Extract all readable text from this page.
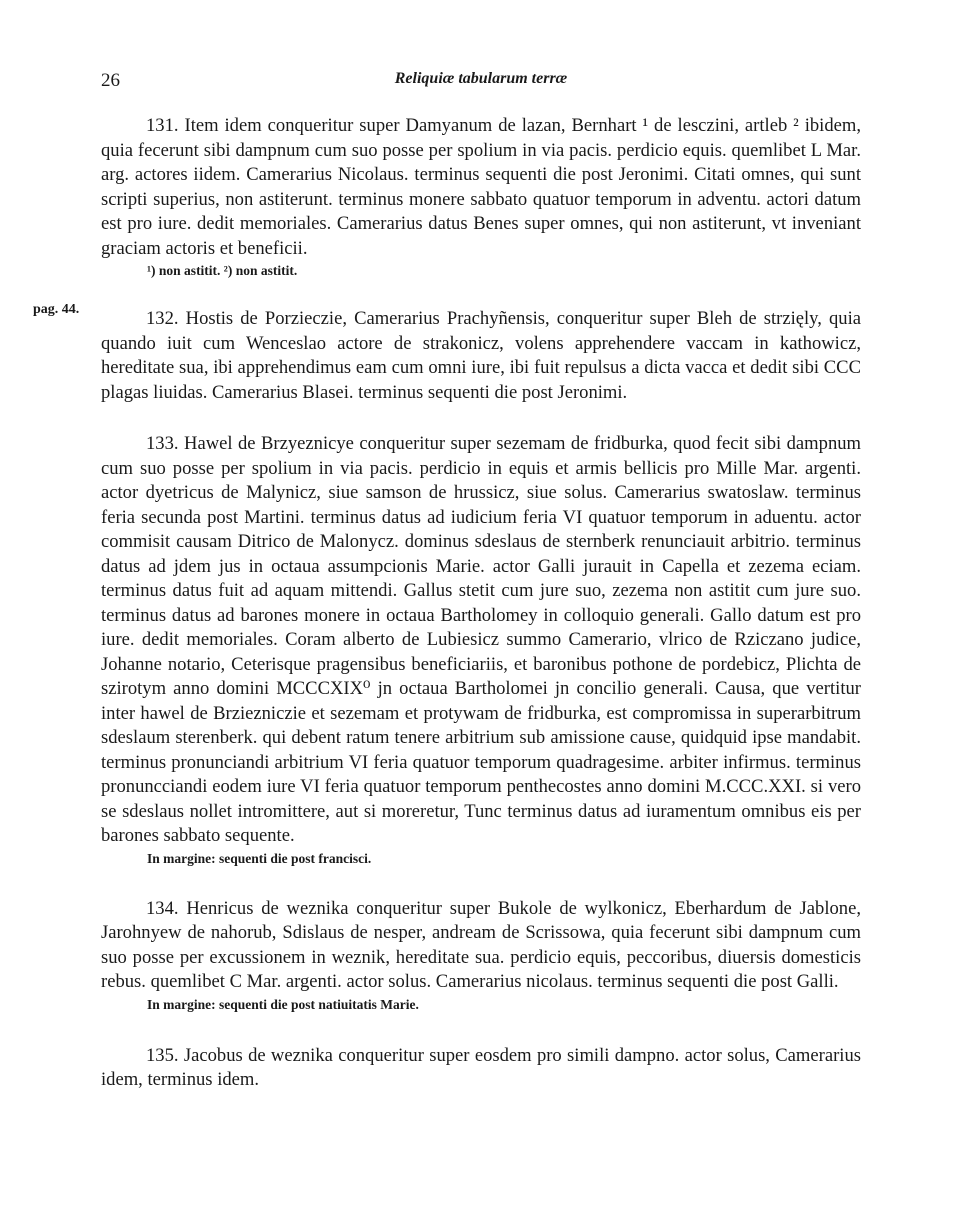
26	Reliquiæ tabularum terræ
pag. 44.

131. Item idem conqueritur super Damyanum de lazan, Bernhart ¹ de lesczini, artleb ² ibidem, quia fecerunt sibi dampnum cum suo posse per spolium in via pacis. perdicio equis. quemlibet L Mar. arg. actores iidem. Camerarius Nicolaus. terminus sequenti die post Jeronimi. Citati omnes, qui sunt scripti superius, non astiterunt. terminus monere sabbato quatuor temporum in adventu. actori datum est pro iure. dedit memoriales. Camerarius datus Benes super omnes, qui non astiterunt, vt inveniant graciam actoris et beneficii.

¹) non astitit. ²) non astitit.

132. Hostis de Porzieczie, Camerarius Prachyñensis, conqueritur super Bleh de strzięly, quia quando iuit cum Wenceslao actore de strakonicz, volens apprehendere vaccam in kathowicz, hereditate sua, ibi apprehendimus eam cum omni iure, ibi fuit repulsus a dicta vacca et dedit sibi CCC plagas liuidas. Camerarius Blasei. terminus sequenti die post Jeronimi.

133. Hawel de Brzyeznicye conqueritur super sezemam de fridburka, quod fecit sibi dampnum cum suo posse per spolium in via pacis. perdicio in equis et armis bellicis pro Mille Mar. argenti. actor dyetricus de Malynicz, siue samson de hrussicz, siue solus. Camerarius swatoslaw. terminus feria secunda post Martini. terminus datus ad iudicium feria VI quatuor temporum in aduentu. actor commisit causam Ditrico de Malonycz. dominus sdeslaus de sternberk renunciauit arbitrio. terminus datus ad jdem jus in octaua assumpcionis Marie. actor Galli jurauit in Capella et zezema eciam. terminus datus fuit ad aquam mittendi. Gallus stetit cum jure suo, zezema non astitit cum jure suo. terminus datus ad barones monere in octaua Bartholomey in colloquio generali. Gallo datum est pro iure. dedit memoriales. Coram alberto de Lubiesicz summo Camerario, vlrico de Rziczano judice, Johanne notario, Ceterisque pragensibus beneficiariis, et baronibus pothone de pordebicz, Plichta de szirotym anno domini MCCCXIX⁰ jn octaua Bartholomei jn concilio generali. Causa, que vertitur inter hawel de Brziezniczie et sezemam et protywam de fridburka, est compromissa in superarbitrum sdeslaum sterenberk. qui debent ratum tenere arbitrium sub amissione cause, quidquid ipse mandabit. terminus pronunciandi arbitrium VI feria quatuor temporum quadragesime. arbiter infirmus. terminus pronuncciandi eodem iure VI feria quatuor temporum penthecostes anno domini M.CCC.XXI. si vero se sdeslaus nollet intromittere, aut si moreretur, Tunc terminus datus ad iuramentum omnibus eis per barones sabbato sequente.

In margine: sequenti die post francisci.

134. Henricus de weznika conqueritur super Bukole de wylkonicz, Eberhardum de Jablone, Jarohnyew de nahorub, Sdislaus de nesper, andream de Scrissowa, quia fecerunt sibi dampnum cum suo posse per excussionem in weznik, hereditate sua. perdicio equis, peccoribus, diuersis domesticis rebus. quemlibet C Mar. argenti. actor solus. Camerarius nicolaus. terminus sequenti die post Galli.

In margine: sequenti die post natiuitatis Marie.

135. Jacobus de weznika conqueritur super eosdem pro simili dampno. actor solus, Camerarius idem, terminus idem.
